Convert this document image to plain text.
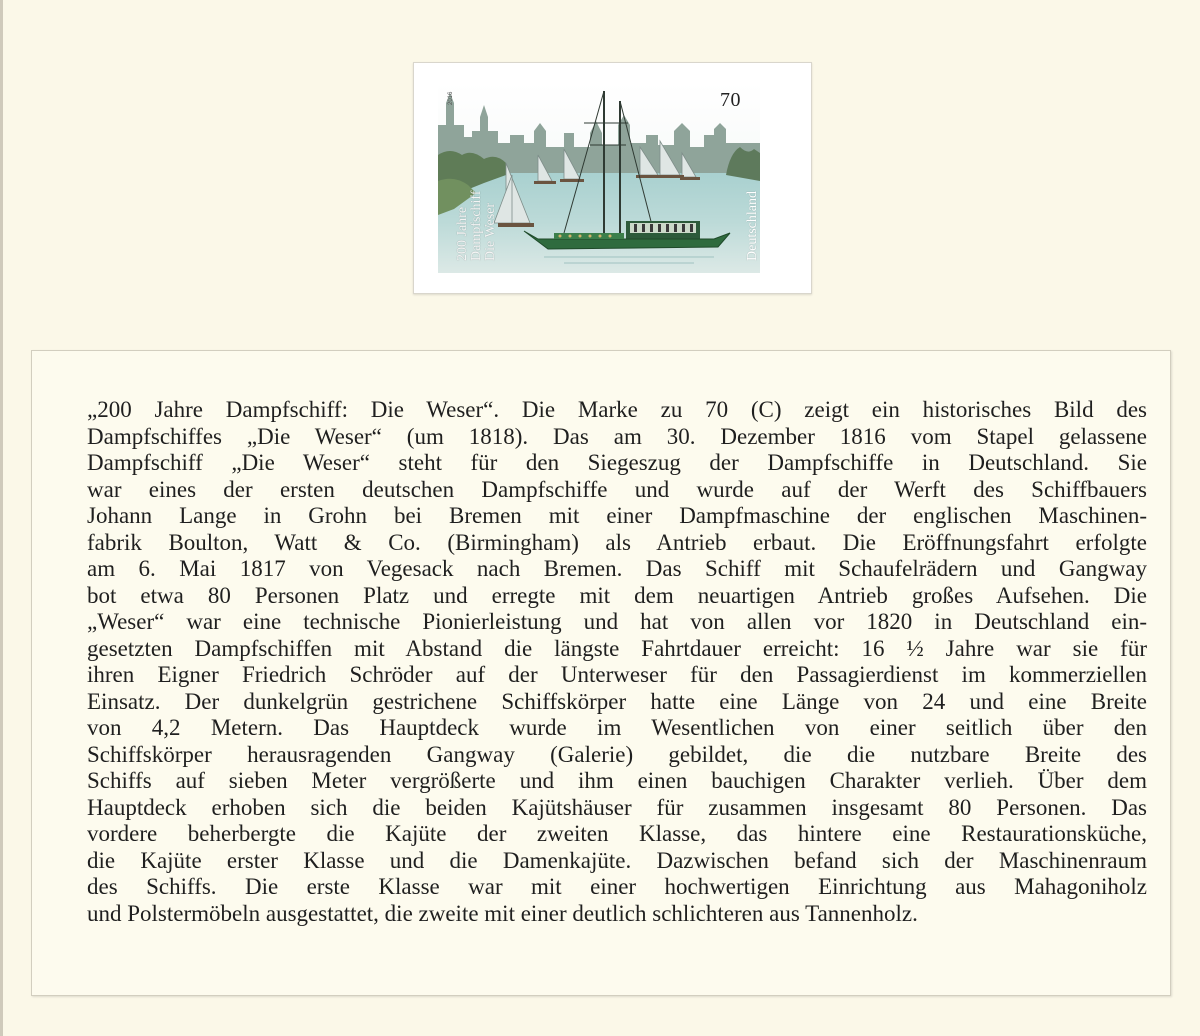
70
2016
200 Jahre Dampfschiff Die Weser	Deutschland

„200 Jahre Dampfschiff: Die Weser“. Die Marke zu 70 (C) zeigt ein historisches Bild des
Dampfschiffes „Die Weser“ (um 1818). Das am 30. Dezember 1816 vom Stapel gelassene
Dampfschiff „Die Weser“ steht für den Siegeszug der Dampfschiffe in Deutschland. Sie
war eines der ersten deutschen Dampfschiffe und wurde auf der Werft des Schiffbauers
Johann Lange in Grohn bei Bremen mit einer Dampfmaschine der englischen Maschinen-
fabrik Boulton, Watt & Co. (Birmingham) als Antrieb erbaut. Die Eröffnungsfahrt erfolgte
am 6. Mai 1817 von Vegesack nach Bremen. Das Schiff mit Schaufelrädern und Gangway
bot etwa 80 Personen Platz und erregte mit dem neuartigen Antrieb großes Aufsehen. Die
„Weser“ war eine technische Pionierleistung und hat von allen vor 1820 in Deutschland ein-
gesetzten Dampfschiffen mit Abstand die längste Fahrtdauer erreicht: 16 ½ Jahre war sie für
ihren Eigner Friedrich Schröder auf der Unterweser für den Passagierdienst im kommerziellen
Einsatz. Der dunkelgrün gestrichene Schiffskörper hatte eine Länge von 24 und eine Breite
von 4,2 Metern. Das Hauptdeck wurde im Wesentlichen von einer seitlich über den
Schiffskörper herausragenden Gangway (Galerie) gebildet, die die nutzbare Breite des
Schiffs auf sieben Meter vergrößerte und ihm einen bauchigen Charakter verlieh. Über dem
Hauptdeck erhoben sich die beiden Kajütshäuser für zusammen insgesamt 80 Personen. Das
vordere beherbergte die Kajüte der zweiten Klasse, das hintere eine Restaurationsküche,
die Kajüte erster Klasse und die Damenkajüte. Dazwischen befand sich der Maschinenraum
des Schiffs. Die erste Klasse war mit einer hochwertigen Einrichtung aus Mahagoniholz
und Polstermöbeln ausgestattet, die zweite mit einer deutlich schlichteren aus Tannenholz.
